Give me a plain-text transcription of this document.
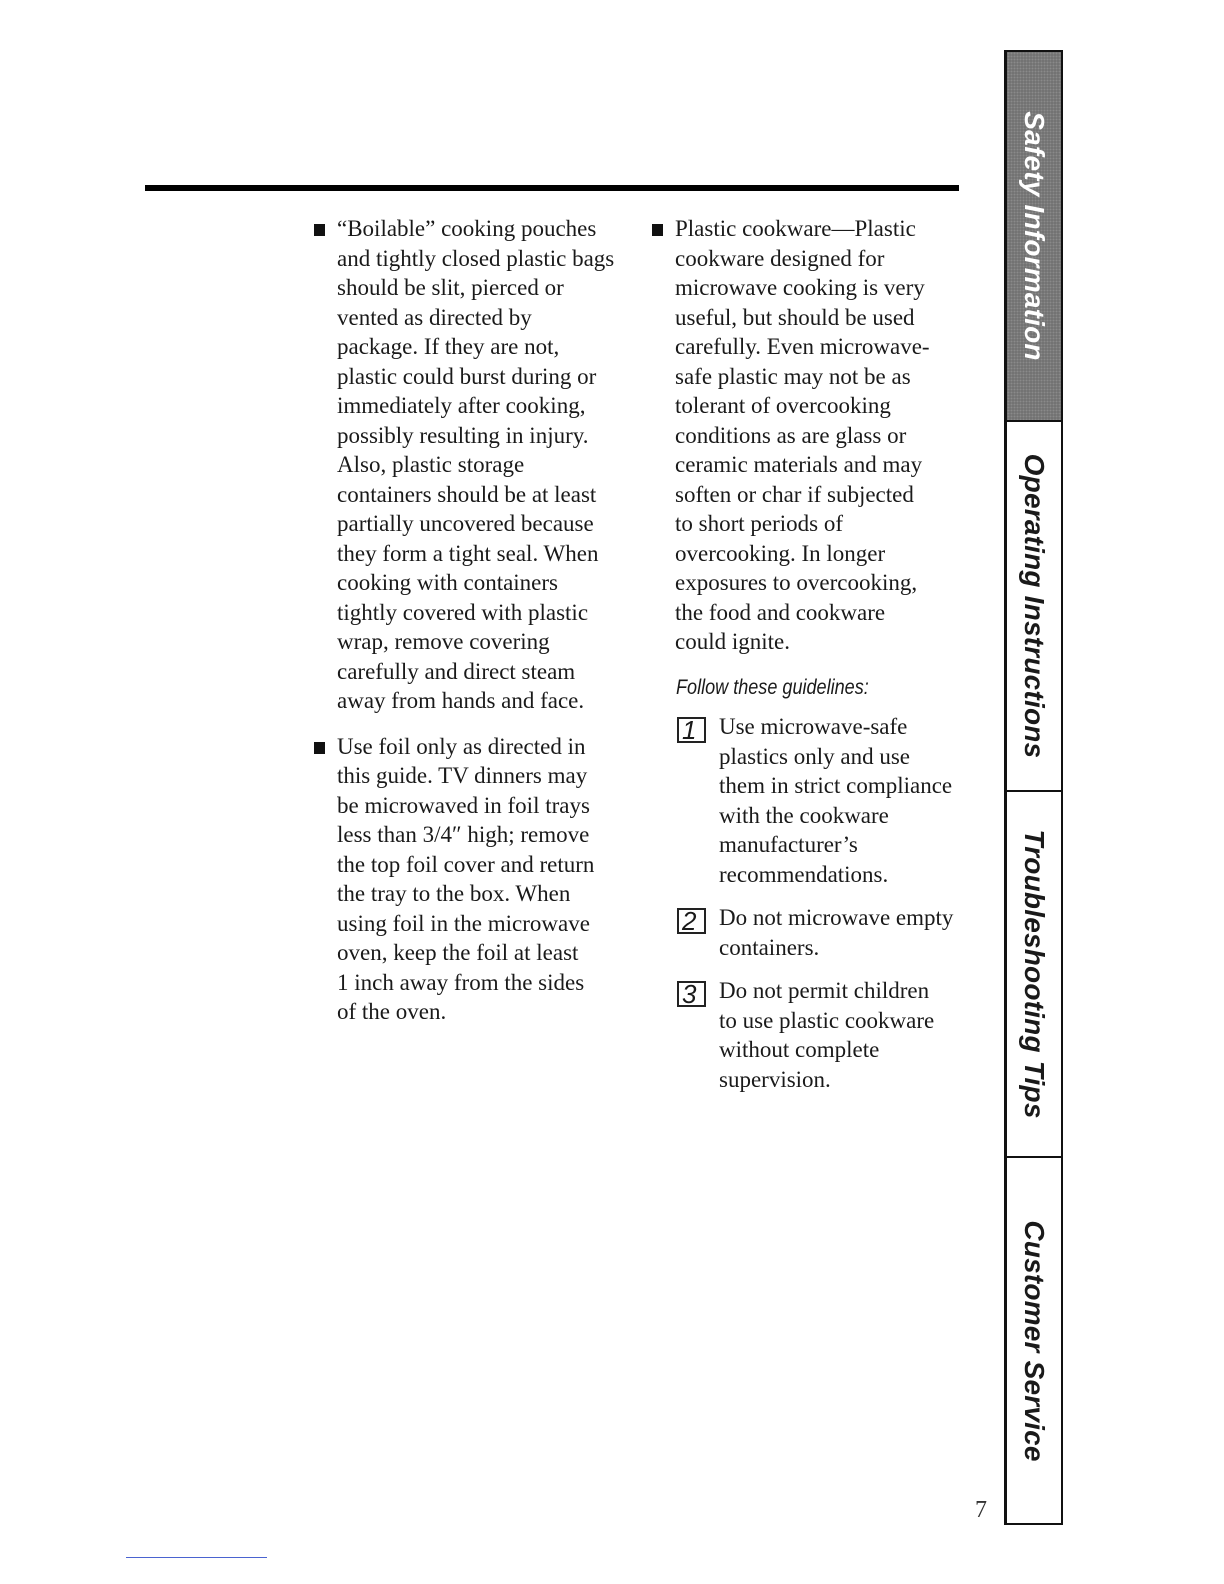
“Boilable” cooking pouches
and tightly closed plastic bags
should be slit, pierced or
vented as directed by
package. If they are not,
plastic could burst during or
immediately after cooking,
possibly resulting in injury.
Also, plastic storage
containers should be at least
partially uncovered because
they form a tight seal. When
cooking with containers
tightly covered with plastic
wrap, remove covering
carefully and direct steam
away from hands and face.
Use foil only as directed in
this guide. TV dinners may
be microwaved in foil trays
less than 3/4″ high; remove
the top foil cover and return
the tray to the box. When
using foil in the microwave
oven, keep the foil at least
1 inch away from the sides
of the oven.
Plastic cookware—Plastic
cookware designed for
microwave cooking is very
useful, but should be used
carefully. Even microwave-
safe plastic may not be as
tolerant of overcooking
conditions as are glass or
ceramic materials and may
soften or char if subjected
to short periods of
overcooking. In longer
exposures to overcooking,
the food and cookware
could ignite.
Follow these guidelines:
1 Use microwave-safe
plastics only and use
them in strict compliance
with the cookware
manufacturer’s
recommendations.
2 Do not microwave empty
containers.
3 Do not permit children
to use plastic cookware
without complete
supervision.
7
Safety Information
Operating Instructions
Troubleshooting Tips
Customer Service
